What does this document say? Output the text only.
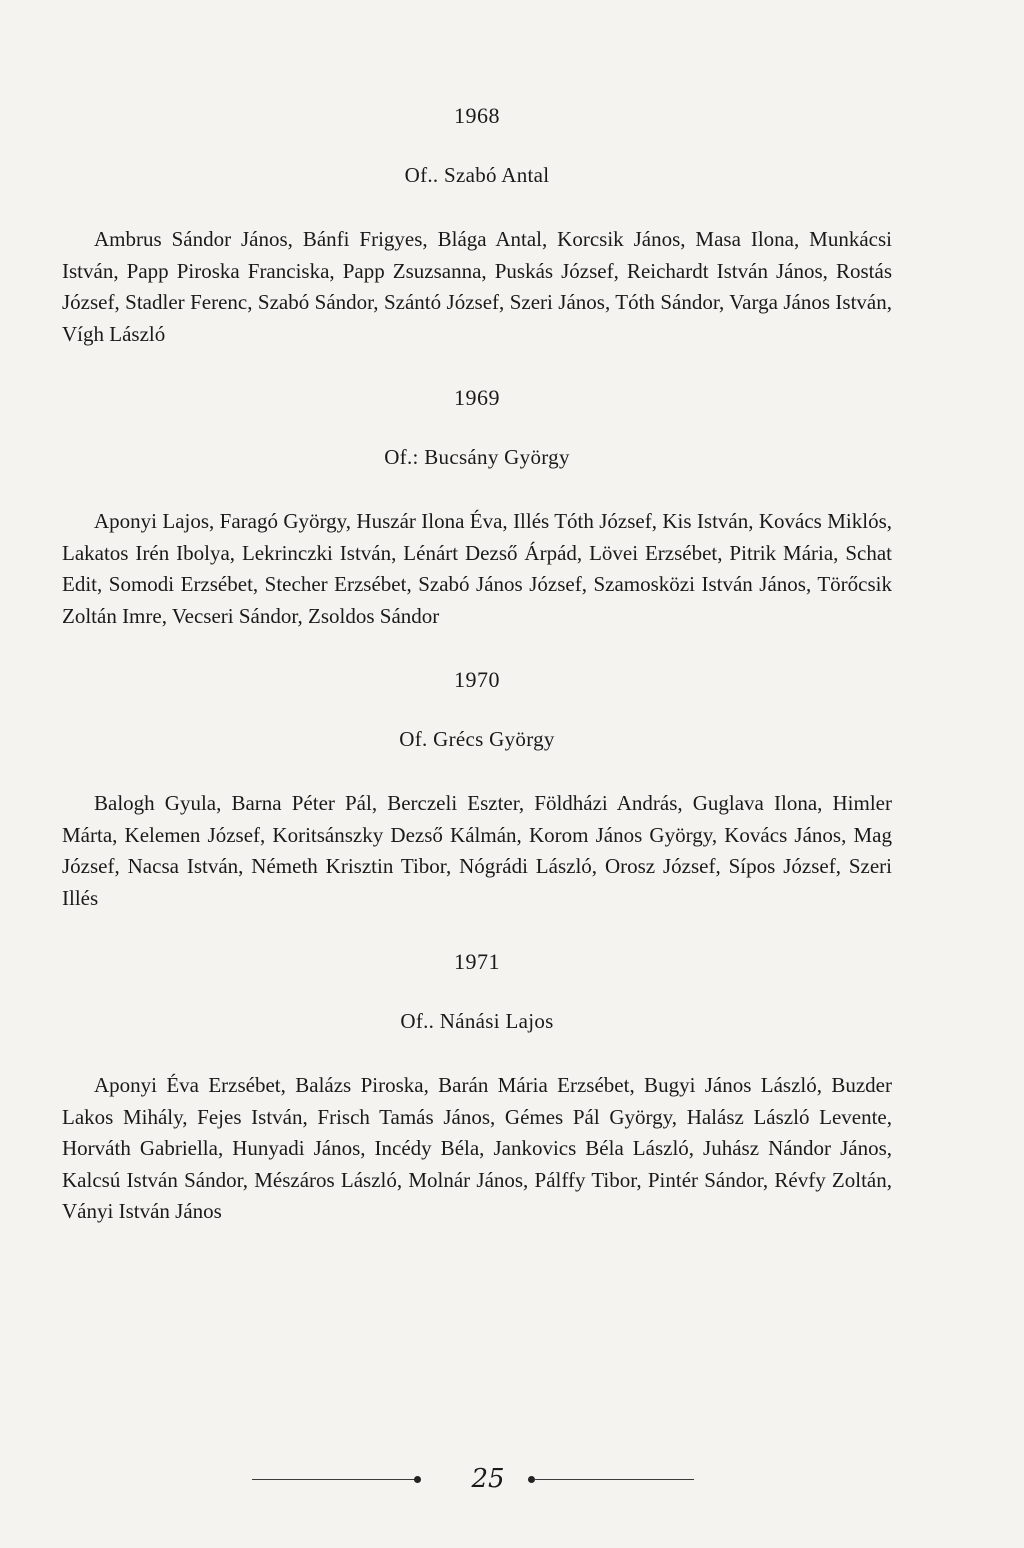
1968
Of.. Szabó Antal

Ambrus Sándor János, Bánfi Frigyes, Blága Antal, Korcsik János, Masa Ilona, Munkácsi István, Papp Piroska Franciska, Papp Zsuzsanna, Puskás József, Reichardt István János, Rostás József, Stadler Ferenc, Szabó Sándor, Szántó József, Szeri János, Tóth Sándor, Varga János István, Vígh László

1969
Of.: Bucsány György

Aponyi Lajos, Faragó György, Huszár Ilona Éva, Illés Tóth József, Kis István, Kovács Miklós, Lakatos Irén Ibolya, Lekrinczki István, Lénárt Dezső Árpád, Lövei Erzsébet, Pitrik Mária, Schat Edit, Somodi Erzsébet, Stecher Erzsébet, Szabó János József, Szamosközi István János, Törőcsik Zoltán Imre, Vecseri Sándor, Zsoldos Sándor

1970
Of. Grécs György

Balogh Gyula, Barna Péter Pál, Berczeli Eszter, Földházi András, Guglava Ilona, Himler Márta, Kelemen József, Koritsánszky Dezső Kálmán, Korom János György, Kovács János, Mag József, Nacsa István, Németh Krisztin Tibor, Nógrádi László, Orosz József, Sípos József, Szeri Illés

1971
Of.. Nánási Lajos

Aponyi Éva Erzsébet, Balázs Piroska, Barán Mária Erzsébet, Bugyi János László, Buzder Lakos Mihály, Fejes István, Frisch Tamás János, Gémes Pál György, Halász László Levente, Horváth Gabriella, Hunyadi János, Incédy Béla, Jankovics Béla László, Juhász Nándor János, Kalcsú István Sándor, Mészáros László, Molnár János, Pálffy Tibor, Pintér Sándor, Révfy Zoltán, Ványi István János

25
